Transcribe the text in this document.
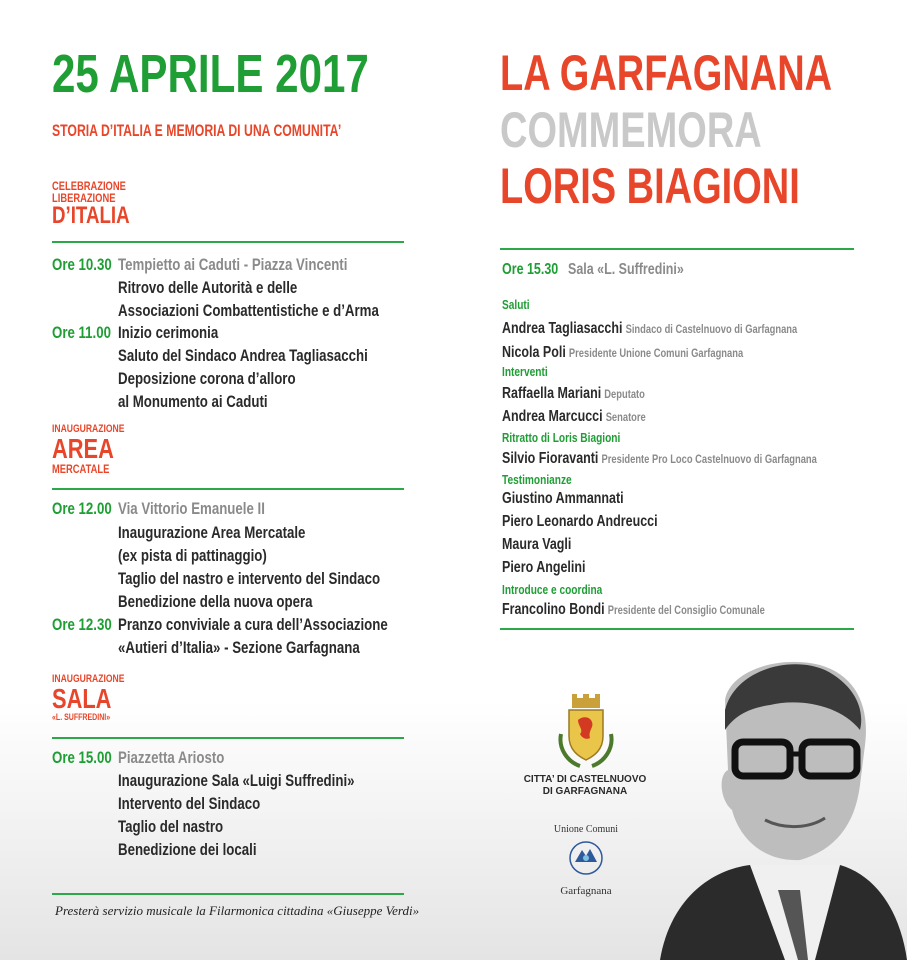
25 APRILE 2017
STORIA D’ITALIA E MEMORIA DI UNA COMUNITA’
CELEBRAZIONE
LIBERAZIONE
D’ITALIA
Ore 10.30 Tempietto ai Caduti - Piazza Vincenti
Ritrovo delle Autorità e delle
Associazioni Combattentistiche e d’Arma
Ore 11.00 Inizio cerimonia
Saluto del Sindaco Andrea Tagliasacchi
Deposizione corona d’alloro
al Monumento ai Caduti
INAUGURAZIONE
AREA
MERCATALE
Ore 12.00 Via Vittorio Emanuele II
Inaugurazione Area Mercatale
(ex pista di pattinaggio)
Taglio del nastro e intervento del Sindaco
Benedizione della nuova opera
Ore 12.30 Pranzo conviviale a cura dell’Associazione
«Autieri d’Italia» - Sezione Garfagnana
INAUGURAZIONE
SALA
«L. SUFFREDINI»
Ore 15.00 Piazzetta Ariosto
Inaugurazione Sala «Luigi Suffredini»
Intervento del Sindaco
Taglio del nastro
Benedizione dei locali
Presterà servizio musicale la Filarmonica cittadina «Giuseppe Verdi»
LA GARFAGNANA
COMMEMORA
LORIS BIAGIONI
Ore 15.30 Sala «L. Suffredini»
Saluti
Andrea Tagliasacchi Sindaco di Castelnuovo di Garfagnana
Nicola Poli Presidente Unione Comuni Garfagnana
Interventi
Raffaella Mariani Deputato
Andrea Marcucci Senatore
Ritratto di Loris Biagioni
Silvio Fioravanti Presidente Pro Loco Castelnuovo di Garfagnana
Testimonianze
Giustino Ammannati
Piero Leonardo Andreucci
Maura Vagli
Piero Angelini
Introduce e coordina
Francolino Bondi Presidente del Consiglio Comunale
CITTA’ DI CASTELNUOVO DI GARFAGNANA
Unione Comuni
Garfagnana
